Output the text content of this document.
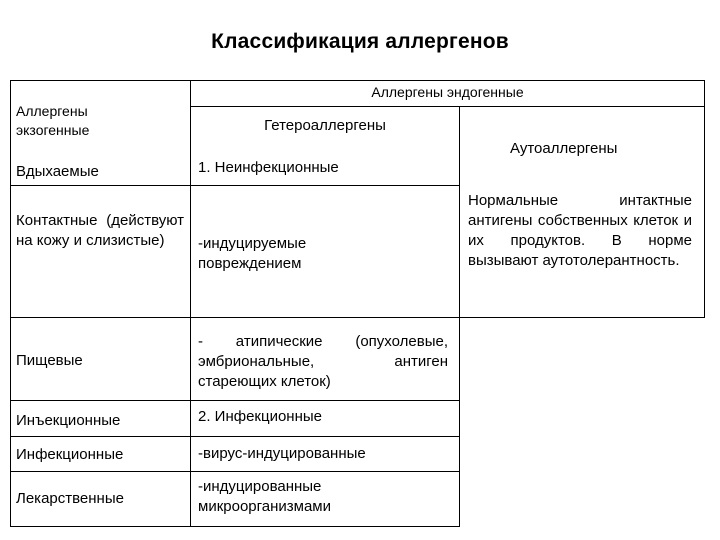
Классификация аллергенов
Аллергены эндогенные
Аллергены экзогенные	Гетероаллергены
Аутоаллергены
Вдыхаемые
Контактные (действуют на кожу и слизистые)
Пищевые
Инъекционные
Инфекционные
Лекарственные
1. Неинфекционные
-индуцируемые повреждением
- атипические (опухолевые, эмбриональные, антиген стареющих клеток)
2. Инфекционные
-вирус-индуцированные
-индуцированные микроорганизмами
Нормальные интактные антигены собственных клеток и их продуктов. В норме вызывают аутотолерантность.
